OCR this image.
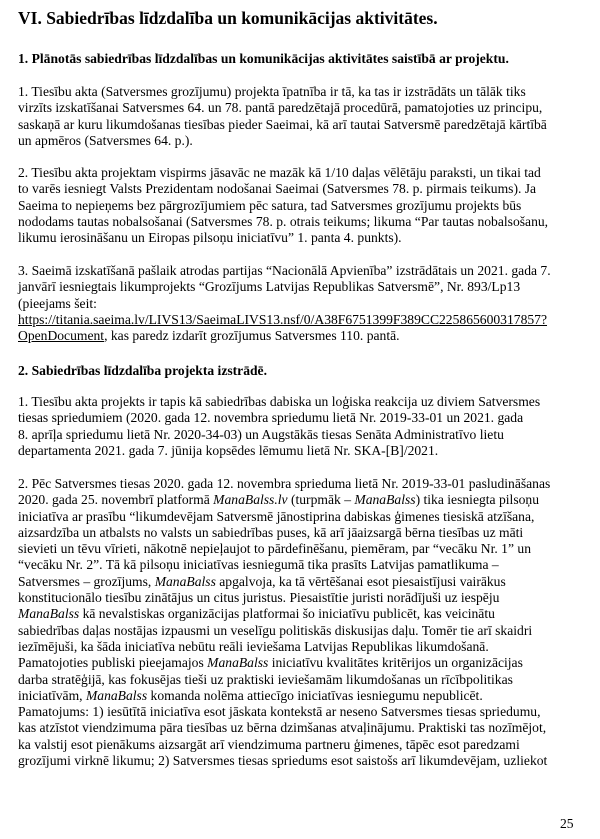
VI. Sabiedrības līdzdalība un komunikācijas aktivitātes.
1. Plānotās sabiedrības līdzdalības un komunikācijas aktivitātes saistībā ar projektu.

1. Tiesību akta (Satversmes grozījumu) projekta īpatnība ir tā, ka tas ir izstrādāts un tālāk tiks
virzīts izskatīšanai Satversmes 64. un 78. pantā paredzētajā procedūrā, pamatojoties uz principu,
saskaņā ar kuru likumdošanas tiesības pieder Saeimai, kā arī tautai Satversmē paredzētajā kārtībā
un apmēros (Satversmes 64. p.).

2. Tiesību akta projektam vispirms jāsavāc ne mazāk kā 1/10 daļas vēlētāju paraksti, un tikai tad
to varēs iesniegt Valsts Prezidentam nodošanai Saeimai (Satversmes 78. p. pirmais teikums). Ja
Saeima to nepieņems bez pārgrozījumiem pēc satura, tad Satversmes grozījumu projekts būs
nododams tautas nobalsošanai (Satversmes 78. p. otrais teikums; likuma “Par tautas nobalsošanu,
likumu ierosināšanu un Eiropas pilsoņu iniciatīvu” 1. panta 4. punkts).

3. Saeimā izskatīšanā pašlaik atrodas partijas “Nacionālā Apvienība” izstrādātais un 2021. gada 7.
janvārī iesniegtais likumprojekts “Grozījums Latvijas Republikas Satversmē”, Nr. 893/Lp13
(pieejams šeit:
https://titania.saeima.lv/LIVS13/SaeimaLIVS13.nsf/0/A38F6751399F389CC225865600317857?
OpenDocument, kas paredz izdarīt grozījumus Satversmes 110. pantā.

2. Sabiedrības līdzdalība projekta izstrādē.

1. Tiesību akta projekts ir tapis kā sabiedrības dabiska un loģiska reakcija uz diviem Satversmes
tiesas spriedumiem (2020. gada 12. novembra spriedumu lietā Nr. 2019-33-01 un 2021. gada
8. aprīļa spriedumu lietā Nr. 2020-34-03) un Augstākās tiesas Senāta Administratīvo lietu
departamenta 2021. gada 7. jūnija kopsēdes lēmumu lietā Nr. SKA-[B]/2021.

2. Pēc Satversmes tiesas 2020. gada 12. novembra sprieduma lietā Nr. 2019-33-01 pasludināšanas
2020. gada 25. novembrī platformā ManaBalss.lv (turpmāk – ManaBalss) tika iesniegta pilsoņu
iniciatīva ar prasību “likumdevējam Satversmē jānostiprina dabiskas ģimenes tiesiskā atzīšana,
aizsardzība un atbalsts no valsts un sabiedrības puses, kā arī jāaizsargā bērna tiesības uz māti
sievieti un tēvu vīrieti, nākotnē nepieļaujot to pārdefinēšanu, piemēram, par “vecāku Nr. 1” un
“vecāku Nr. 2”. Tā kā pilsoņu iniciatīvas iesniegumā tika prasīts Latvijas pamatlikuma –
Satversmes – grozījums, ManaBalss apgalvoja, ka tā vērtēšanai esot piesaistījusi vairākus
konstitucionālo tiesību zinātājus un citus juristus. Piesaistītie juristi norādījuši uz iespēju
ManaBalss kā nevalstiskas organizācijas platformai šo iniciatīvu publicēt, kas veicinātu
sabiedrības daļas nostājas izpausmi un veselīgu politiskās diskusijas daļu. Tomēr tie arī skaidri
iezīmējuši, ka šāda iniciatīva nebūtu reāli ieviešama Latvijas Republikas likumdošanā.
Pamatojoties publiski pieejamajos ManaBalss iniciatīvu kvalitātes kritērijos un organizācijas
darba stratēģijā, kas fokusējas tieši uz praktiski ieviešamām likumdošanas un rīcībpolitikas
iniciatīvām, ManaBalss komanda nolēma attiecīgo iniciatīvas iesniegumu nepublicēt.
Pamatojums: 1) iesūtītā iniciatīva esot jāskata kontekstā ar neseno Satversmes tiesas spriedumu,
kas atzīstot viendzimuma pāra tiesības uz bērna dzimšanas atvaļinājumu. Praktiski tas nozīmējot,
ka valstij esot pienākums aizsargāt arī viendzimuma partneru ģimenes, tāpēc esot paredzami
grozījumi virknē likumu; 2) Satversmes tiesas spriedums esot saistošs arī likumdevējam, uzliekot

25
